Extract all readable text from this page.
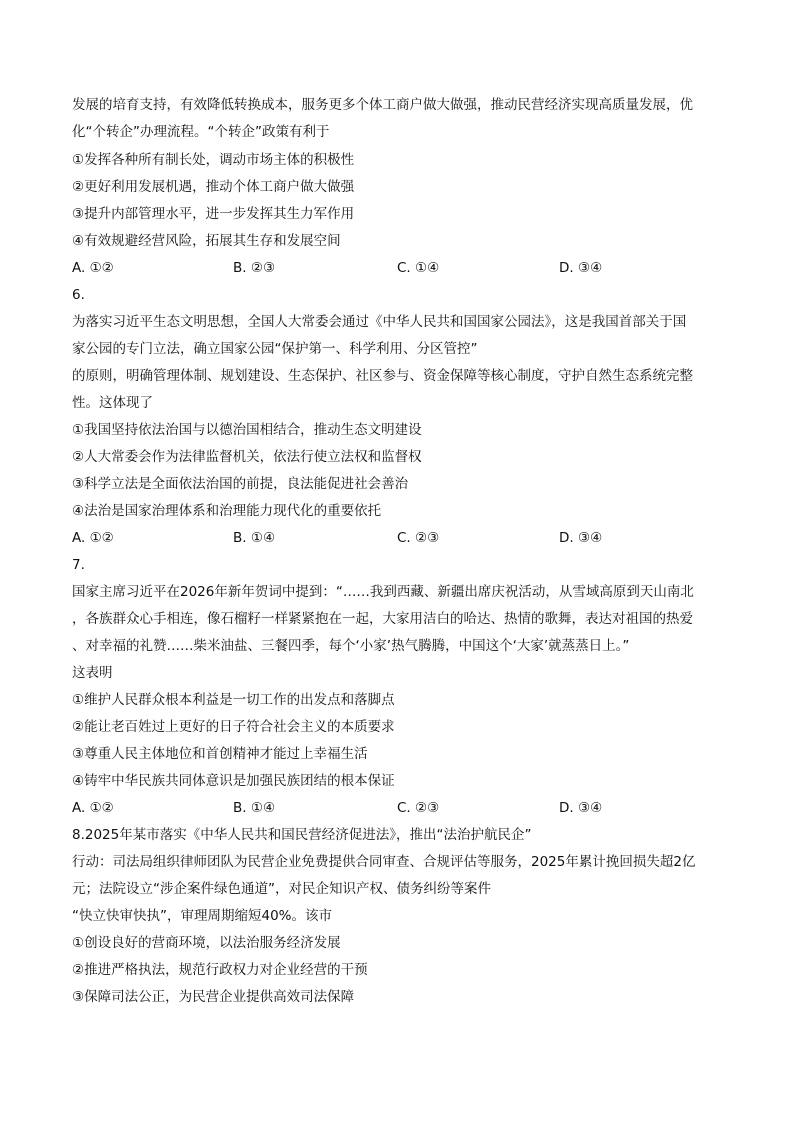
发展的培育支持，有效降低转换成本，服务更多个体工商户做大做强，推动民营经济实现高质量发展，优
化“个转企”办理流程。“个转企”政策有利于
①发挥各种所有制长处，调动市场主体的积极性
②更好利用发展机遇，推动个体工商户做大做强
③提升内部管理水平，进一步发挥其生力军作用
④有效规避经营风险，拓展其生存和发展空间
A. ①②	B. ②③	C. ①④	D. ③④
6.
为落实习近平生态文明思想，全国人大常委会通过《中华人民共和国国家公园法》，这是我国首部关于国
家公园的专门立法，确立国家公园“保护第一、科学利用、分区管控”
的原则，明确管理体制、规划建设、生态保护、社区参与、资金保障等核心制度，守护自然生态系统完整
性。这体现了
①我国坚持依法治国与以德治国相结合，推动生态文明建设
②人大常委会作为法律监督机关，依法行使立法权和监督权
③科学立法是全面依法治国的前提，良法能促进社会善治
④法治是国家治理体系和治理能力现代化的重要依托
A. ①②	B. ①④	C. ②③	D. ③④
7.
国家主席习近平在2026年新年贺词中提到：“……我到西藏、新疆出席庆祝活动，从雪域高原到天山南北
，各族群众心手相连，像石榴籽一样紧紧抱在一起，大家用洁白的哈达、热情的歌舞，表达对祖国的热爱
、对幸福的礼赞……柴米油盐、三餐四季，每个‘小家’热气腾腾，中国这个‘大家’就蒸蒸日上。”
这表明
①维护人民群众根本利益是一切工作的出发点和落脚点
②能让老百姓过上更好的日子符合社会主义的本质要求
③尊重人民主体地位和首创精神才能过上幸福生活
④铸牢中华民族共同体意识是加强民族团结的根本保证
A. ①②	B. ①④	C. ②③	D. ③④
8.2025年某市落实《中华人民共和国民营经济促进法》，推出“法治护航民企”
行动：司法局组织律师团队为民营企业免费提供合同审查、合规评估等服务，2025年累计挽回损失超2亿
元；法院设立“涉企案件绿色通道”，对民企知识产权、债务纠纷等案件
“快立快审快执”，审理周期缩短40%。该市
①创设良好的营商环境，以法治服务经济发展
②推进严格执法，规范行政权力对企业经营的干预
③保障司法公正，为民营企业提供高效司法保障
